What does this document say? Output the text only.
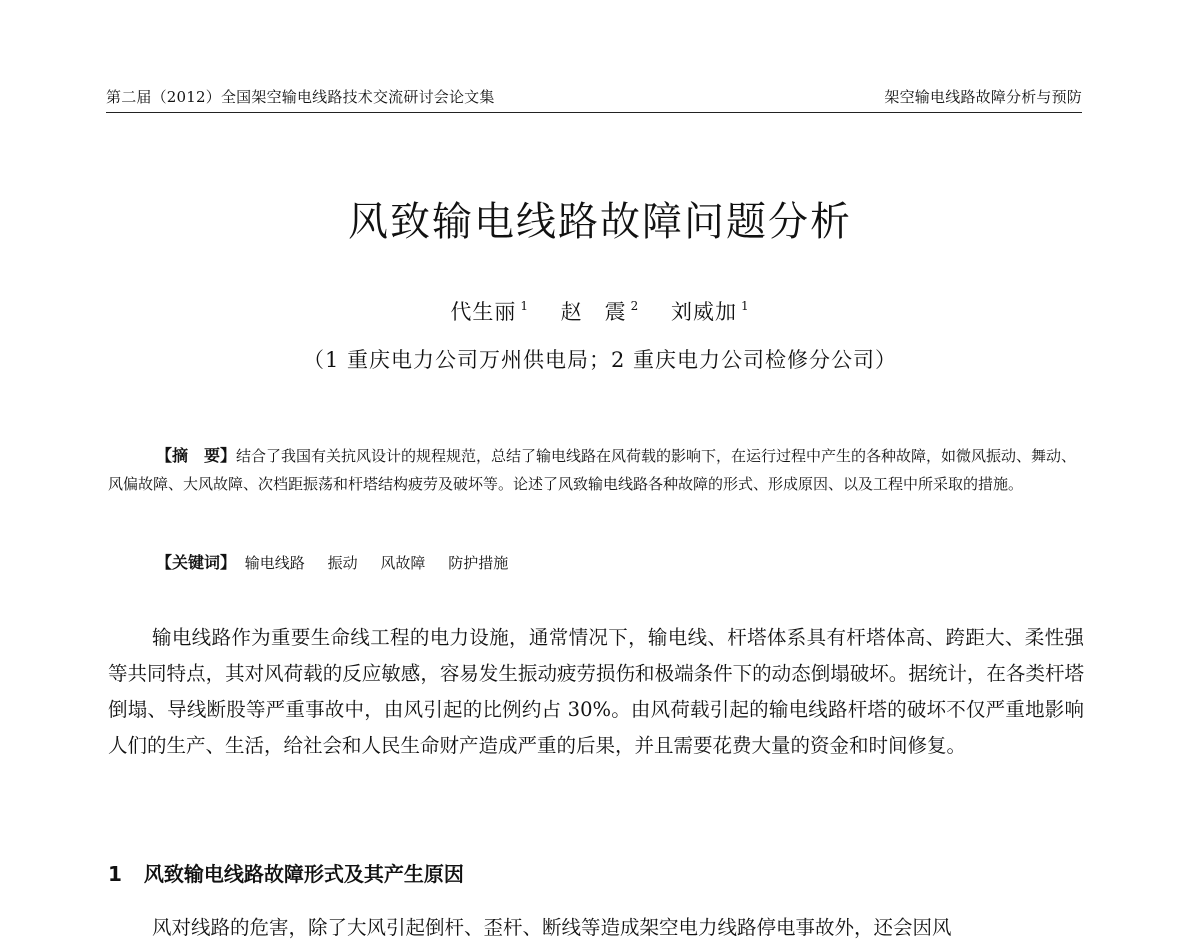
第二届（2012）全国架空输电线路技术交流研讨会论文集	架空输电线路故障分析与预防
风致输电线路故障问题分析
代生丽 $^1$ 赵　震 $^2$ 刘威加 $^1$
（1 重庆电力公司万州供电局；2 重庆电力公司检修分公司）

【摘　要】结合了我国有关抗风设计的规程规范，总结了输电线路在风荷载的影响下，在运行过程中产生的各种故障，如微风振动、舞动、风偏故障、大风故障、次档距振荡和杆塔结构疲劳及破坏等。论述了风致输电线路各种故障的形式、形成原因、以及工程中所采取的措施。

【关键词】 输电线路 振动 风故障 防护措施

输电线路作为重要生命线工程的电力设施，通常情况下，输电线、杆塔体系具有杆塔体高、跨距大、柔性强等共同特点，其对风荷载的反应敏感，容易发生振动疲劳损伤和极端条件下的动态倒塌破坏。据统计，在各类杆塔倒塌、导线断股等严重事故中，由风引起的比例约占 30%。由风荷载引起的输电线路杆塔的破坏不仅严重地影响人们的生产、生活，给社会和人民生命财产造成严重的后果，并且需要花费大量的资金和时间修复。

1 风致输电线路故障形式及其产生原因

风对线路的危害，除了大风引起倒杆、歪杆、断线等造成架空电力线路停电事故外，还会因风
